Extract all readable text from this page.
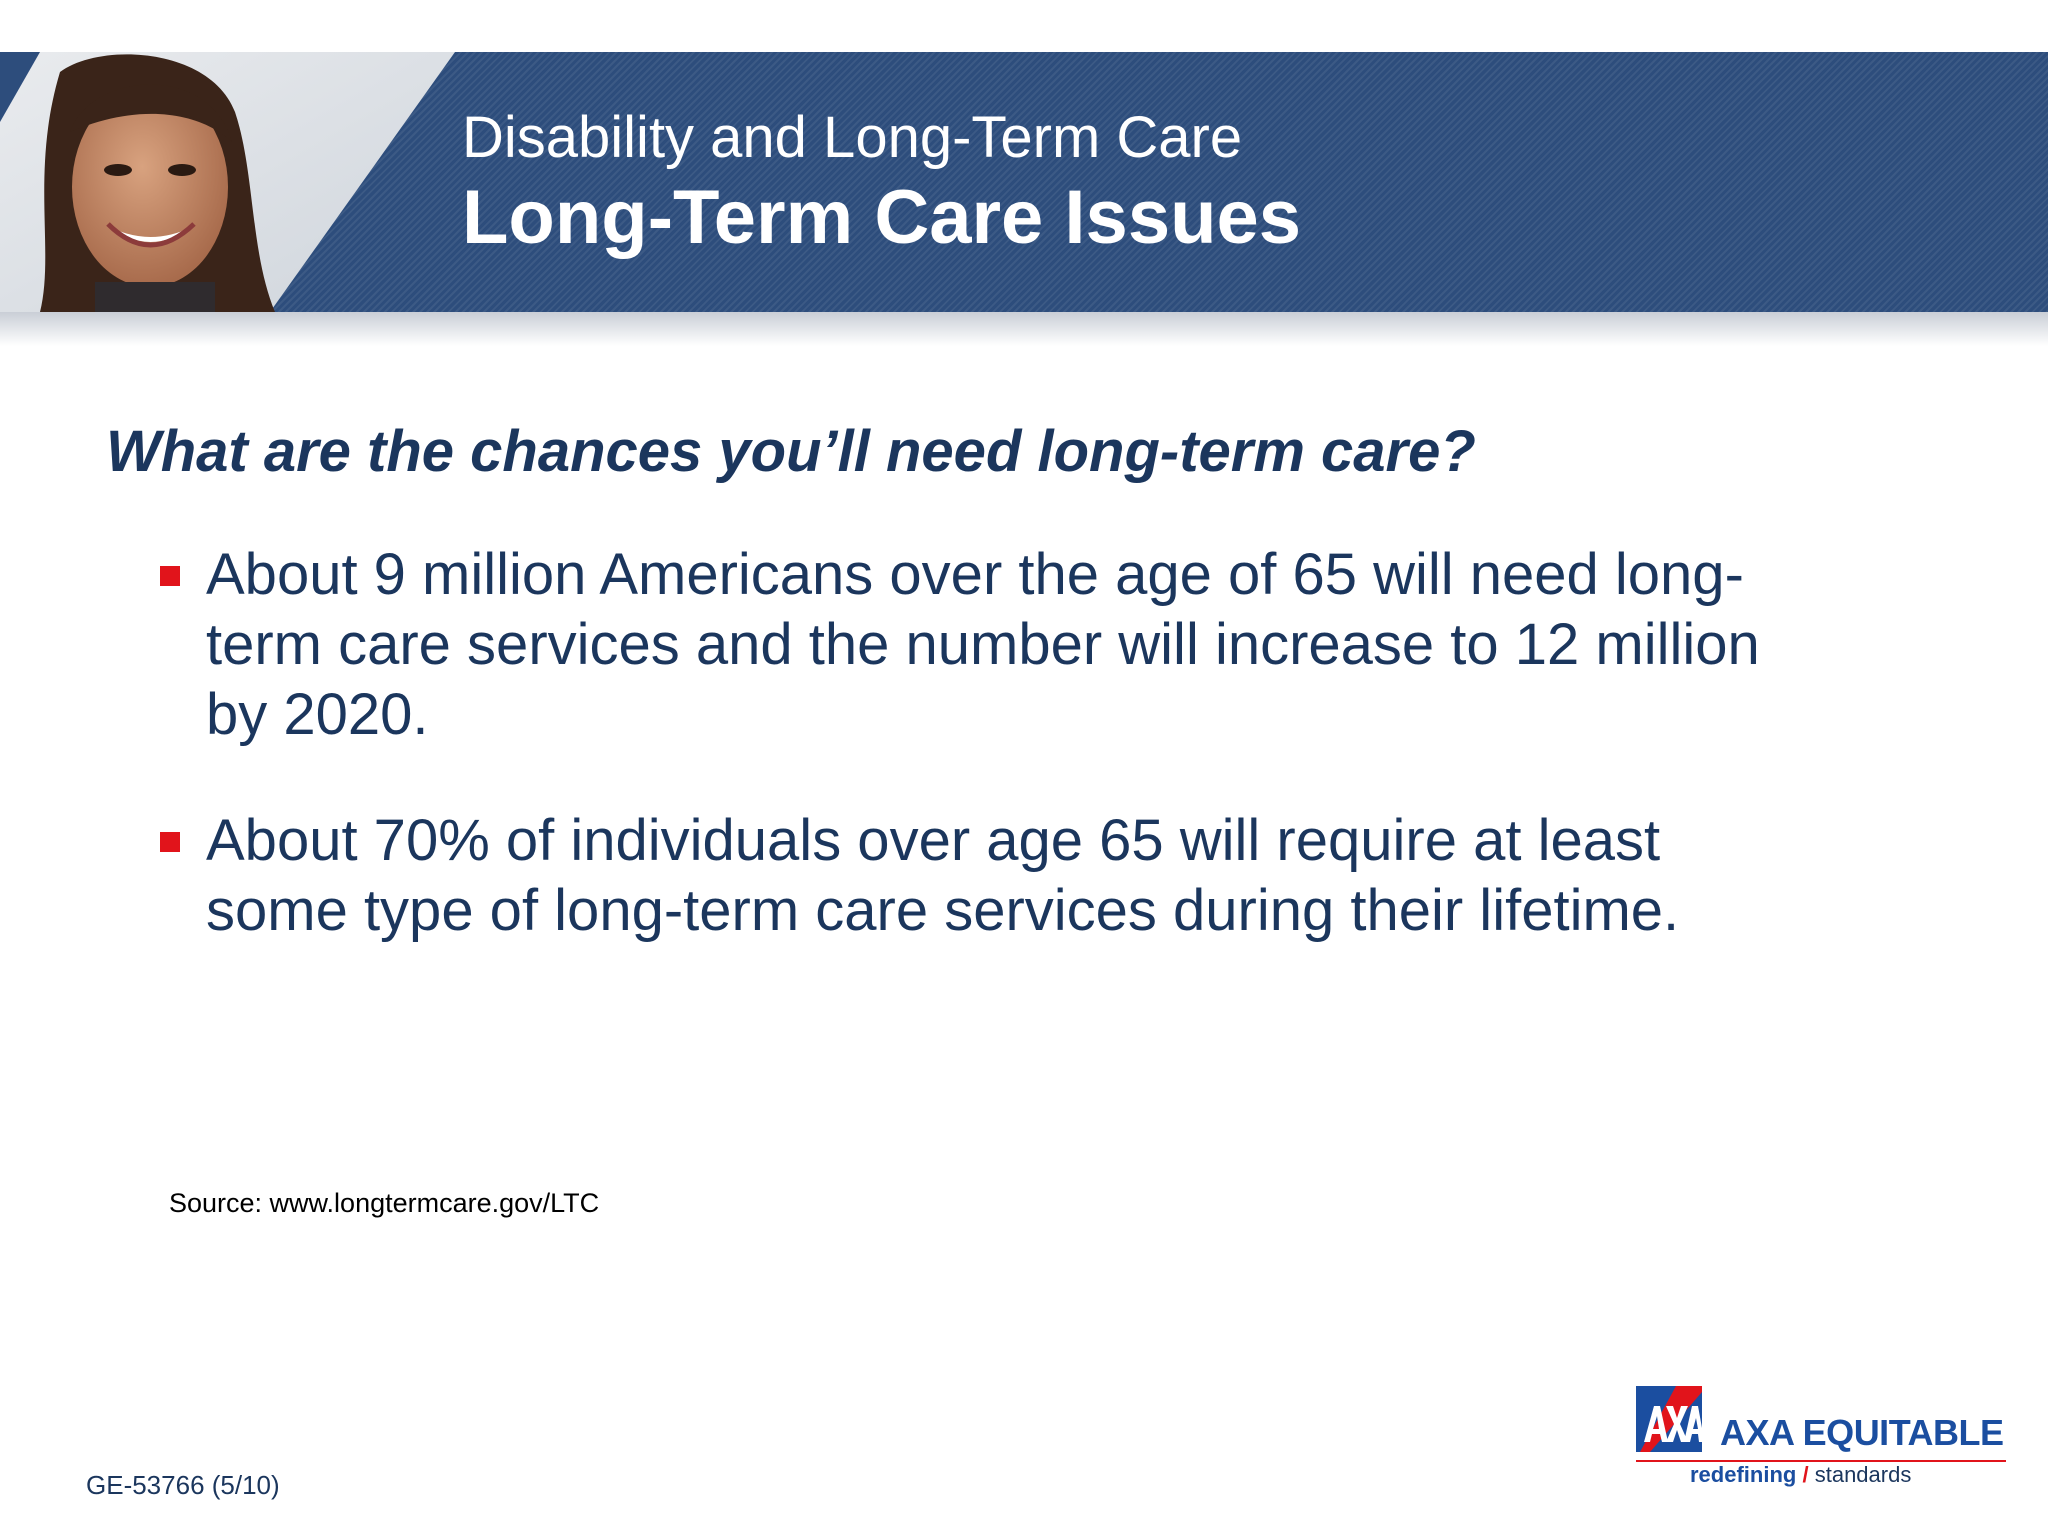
Disability and Long-Term Care
Long-Term Care Issues
What are the chances you’ll need long-term care?
About 9 million Americans over the age of 65 will need long-term care services and the number will increase to 12 million by 2020.
About 70% of individuals over age 65 will require at least some type of long-term care services during their lifetime.
Source: www.longtermcare.gov/LTC
GE-53766 (5/10)
AXA EQUITABLE
redefining / standards
